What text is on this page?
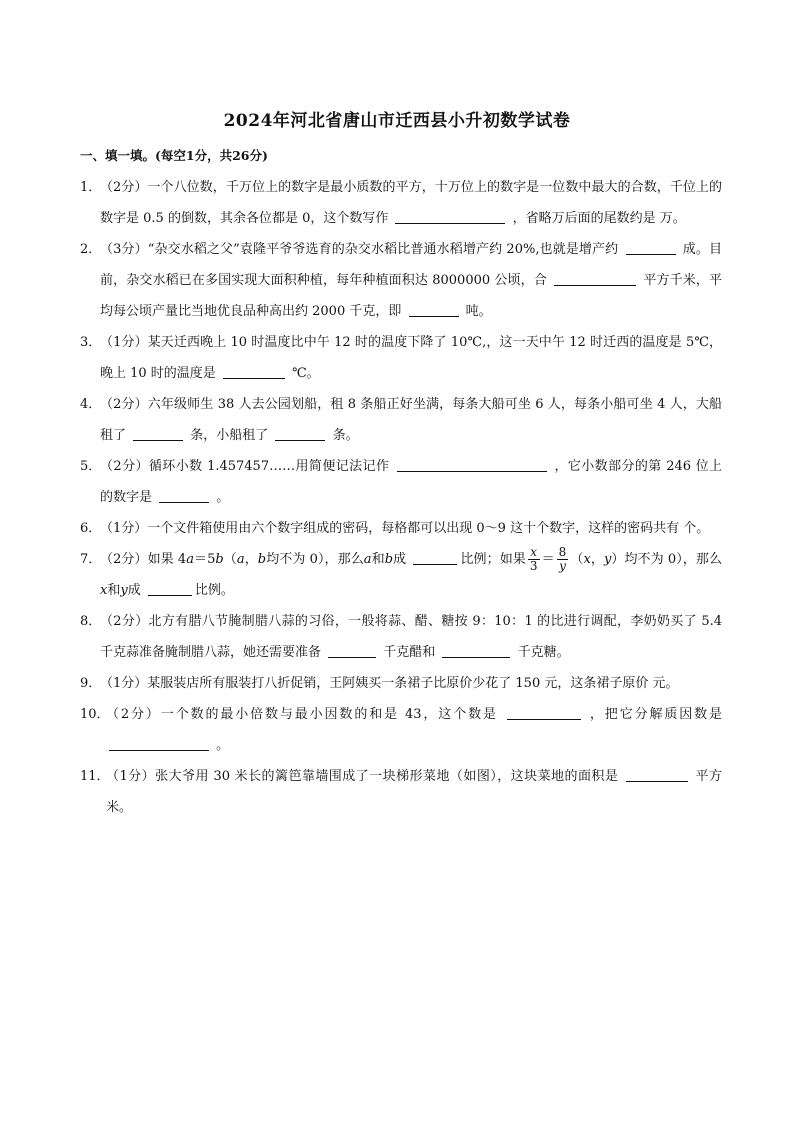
2024年河北省唐山市迁西县小升初数学试卷
一、填一填。(每空1分，共26分)
1．
（2分）一个八位数，千万位上的数字是最小质数的平方，十万位上的数字是一位数中最大的合数，千位上的数字是 0.5 的倒数，其余各位都是 0，这个数写作	，省略万后面的尾数约是 万。
2．
（3分）“杂交水稻之父”袁隆平爷爷选育的杂交水稻比普通水稻增产约 20%,也就是增产约	成。目前，杂交水稻已在多国实现大面积种植，每年种植面积达 8000000 公顷，合	平方千米，平均每公顷产量比当地优良品种高出约 2000 千克，即	吨。
3．
（1分）某天迁西晚上 10 时温度比中午 12 时的温度下降了 10℃,，这一天中午 12 时迁西的温度是 5℃，晚上 10 时的温度是	℃。
4．
（2分）六年级师生 38 人去公园划船，租 8 条船正好坐满，每条大船可坐 6 人，每条小船可坐 4 人，大船租了	条，小船租了	条。
5．
（2分）循环小数 1.457457……用简便记法记作	，它小数部分的第 246 位上的数字是	。
6．
（1分）一个文件箱使用由六个数字组成的密码，每格都可以出现 0～9 这十个数字，这样的密码共有 个。
7．
（2分）如果 4a＝5b（a，b均不为 0），那么a和b成	比例；如果 $\frac{x}{3} = \frac{8}{y} (x$，y）均不为 0），那么x和y成	比例。
8．
（2分）北方有腊八节腌制腊八蒜的习俗，一般将蒜、醋、糖按 9：10：1 的比进行调配，李奶奶买了 5.4 千克蒜准备腌制腊八蒜，她还需要准备	千克醋和	千克糖。
9．
（1分）某服装店所有服装打八折促销，王阿姨买一条裙子比原价少花了 150 元，这条裙子原价 元。
10．
（2分）一个数的最小倍数与最小因数的和是 43，这个数是	，把它分解质因数是  。
11．
（1分）张大爷用 30 米长的篱笆靠墙围成了一块梯形菜地（如图），这块菜地的面积是	平方米。
